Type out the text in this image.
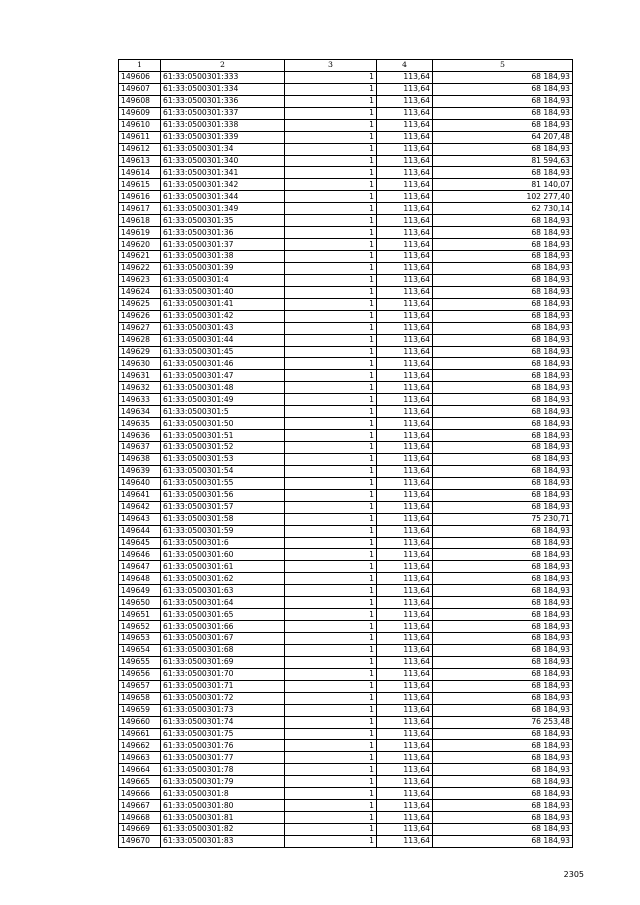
1	2	3	4	5
149606	61:33:0500301:333	1	113,64	68 184,93
149607	61:33:0500301:334	1	113,64	68 184,93
149608	61:33:0500301:336	1	113,64	68 184,93
149609	61:33:0500301:337	1	113,64	68 184,93
149610	61:33:0500301:338	1	113,64	68 184,93
149611	61:33:0500301:339	1	113,64	64 207,48
149612	61:33:0500301:34	1	113,64	68 184,93
149613	61:33:0500301:340	1	113,64	81 594,63
149614	61:33:0500301:341	1	113,64	68 184,93
149615	61:33:0500301:342	1	113,64	81 140,07
149616	61:33:0500301:344	1	113,64	102 277,40
149617	61:33:0500301:349	1	113,64	62 730,14
149618	61:33:0500301:35	1	113,64	68 184,93
149619	61:33:0500301:36	1	113,64	68 184,93
149620	61:33:0500301:37	1	113,64	68 184,93
149621	61:33:0500301:38	1	113,64	68 184,93
149622	61:33:0500301:39	1	113,64	68 184,93
149623	61:33:0500301:4	1	113,64	68 184,93
149624	61:33:0500301:40	1	113,64	68 184,93
149625	61:33:0500301:41	1	113,64	68 184,93
149626	61:33:0500301:42	1	113,64	68 184,93
149627	61:33:0500301:43	1	113,64	68 184,93
149628	61:33:0500301:44	1	113,64	68 184,93
149629	61:33:0500301:45	1	113,64	68 184,93
149630	61:33:0500301:46	1	113,64	68 184,93
149631	61:33:0500301:47	1	113,64	68 184,93
149632	61:33:0500301:48	1	113,64	68 184,93
149633	61:33:0500301:49	1	113,64	68 184,93
149634	61:33:0500301:5	1	113,64	68 184,93
149635	61:33:0500301:50	1	113,64	68 184,93
149636	61:33:0500301:51	1	113,64	68 184,93
149637	61:33:0500301:52	1	113,64	68 184,93
149638	61:33:0500301:53	1	113,64	68 184,93
149639	61:33:0500301:54	1	113,64	68 184,93
149640	61:33:0500301:55	1	113,64	68 184,93
149641	61:33:0500301:56	1	113,64	68 184,93
149642	61:33:0500301:57	1	113,64	68 184,93
149643	61:33:0500301:58	1	113,64	75 230,71
149644	61:33:0500301:59	1	113,64	68 184,93
149645	61:33:0500301:6	1	113,64	68 184,93
149646	61:33:0500301:60	1	113,64	68 184,93
149647	61:33:0500301:61	1	113,64	68 184,93
149648	61:33:0500301:62	1	113,64	68 184,93
149649	61:33:0500301:63	1	113,64	68 184,93
149650	61:33:0500301:64	1	113,64	68 184,93
149651	61:33:0500301:65	1	113,64	68 184,93
149652	61:33:0500301:66	1	113,64	68 184,93
149653	61:33:0500301:67	1	113,64	68 184,93
149654	61:33:0500301:68	1	113,64	68 184,93
149655	61:33:0500301:69	1	113,64	68 184,93
149656	61:33:0500301:70	1	113,64	68 184,93
149657	61:33:0500301:71	1	113,64	68 184,93
149658	61:33:0500301:72	1	113,64	68 184,93
149659	61:33:0500301:73	1	113,64	68 184,93
149660	61:33:0500301:74	1	113,64	76 253,48
149661	61:33:0500301:75	1	113,64	68 184,93
149662	61:33:0500301:76	1	113,64	68 184,93
149663	61:33:0500301:77	1	113,64	68 184,93
149664	61:33:0500301:78	1	113,64	68 184,93
149665	61:33:0500301:79	1	113,64	68 184,93
149666	61:33:0500301:8	1	113,64	68 184,93
149667	61:33:0500301:80	1	113,64	68 184,93
149668	61:33:0500301:81	1	113,64	68 184,93
149669	61:33:0500301:82	1	113,64	68 184,93
149670	61:33:0500301:83	1	113,64	68 184,93
2305
